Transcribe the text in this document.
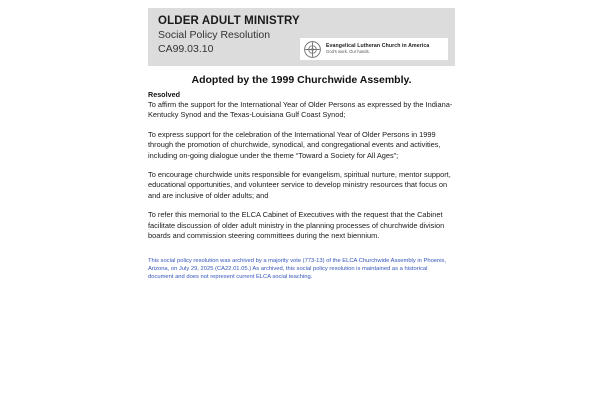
OLDER ADULT MINISTRY
Social Policy Resolution
CA99.03.10	Evangelical Lutheran Church in America
God's work. Our hands.
Adopted by the 1999 Churchwide Assembly.
Resolved

To affirm the support for the International Year of Older Persons as expressed by the Indiana-Kentucky Synod and the Texas-Louisiana Gulf Coast Synod;

To express support for the celebration of the International Year of Older Persons in 1999 through the promotion of churchwide, synodical, and congregational events and activities, including on-going dialogue under the theme “Toward a Society for All Ages”;

To encourage churchwide units responsible for evangelism, spiritual nurture, mentor support, educational opportunities, and volunteer service to develop ministry resources that focus on and are inclusive of older adults; and

To refer this memorial to the ELCA Cabinet of Executives with the request that the Cabinet facilitate discussion of older adult ministry in the planning processes of churchwide division boards and commission steering committees during the next biennium.

This social policy resolution was archived by a majority vote (773-13) of the ELCA Churchwide Assembly in Phoenix, Arizona, on July 29, 2025 (CA22.01.05.) As archived, this social policy resolution is maintained as a historical document and does not represent current ELCA social teaching.
